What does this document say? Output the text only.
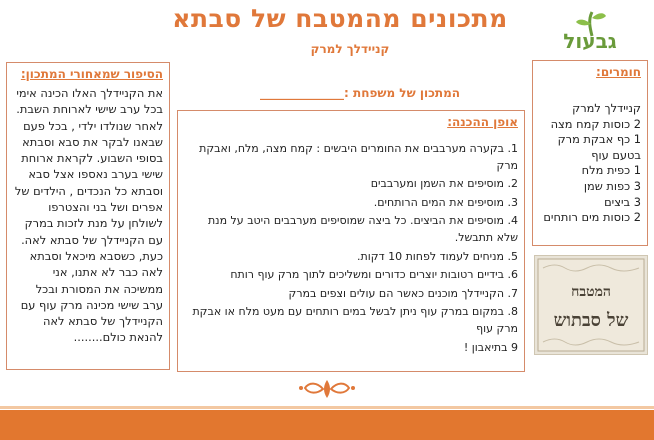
גבעול
מתכונים מהמטבח של סבתא
קניידלך למרק
המתכון של משפחת :______________
הסיפור שמאחורי המתכון:
את הקניידלך האלו הכינה אימי
בכל ערב שישי לארוחת השבת.
לאחר שנולדו ילדי , בכל פעם
שבאנו לבקר את סבא וסבתא
בסופי השבוע. לקראת ארוחת
שישי בערב נאספו אצל סבא
וסבתא כל הנכדים , הילדים של
אפרים ושל בני והצטרפו
לשולחן על מנת לזכות במרק
עם הקניידלך של סבתא לאה.
כעת, כשסבא מיכאל וסבתא
לאה כבר לא אתנו, אני
ממשיכה את המסורת ובכל
ערב שישי מכינה מרק עוף עם
הקניידלך של סבתא לאה
להנאת כולם........
אופן ההכנה:
1. בקערה מערבבים את החומרים היבשים : קמח מצה, מלח, ואבקת מרק
2. מוסיפים את השמן ומערבבים
3. מוסיפים את המים הרותחים.
4. מוסיפים את הביצים. כל ביצה שמוסיפים מערבבים היטב על מנת שלא תתבשל.
5. מניחים לעמוד לפחות 10 דקות.
6. בידיים רטובות יוצרים כדורים ומשליכים לתוך מרק עוף רותח
7. הקניידלך מוכנים כאשר הם עולים וצפים במרק
8. במקום במרק עוף ניתן לבשל במים רותחים עם מעט מלח או אבקת מרק עוף
9 בתיאבון !
חומרים:
קניידלך למרק
2 כוסות קמח מצה
1 כף אבקת מרק בטעם עוף
1 כפית מלח
3 כפות שמן
3 ביצים
2 כוסות מים רותחים
המטבח
של סבתוש
